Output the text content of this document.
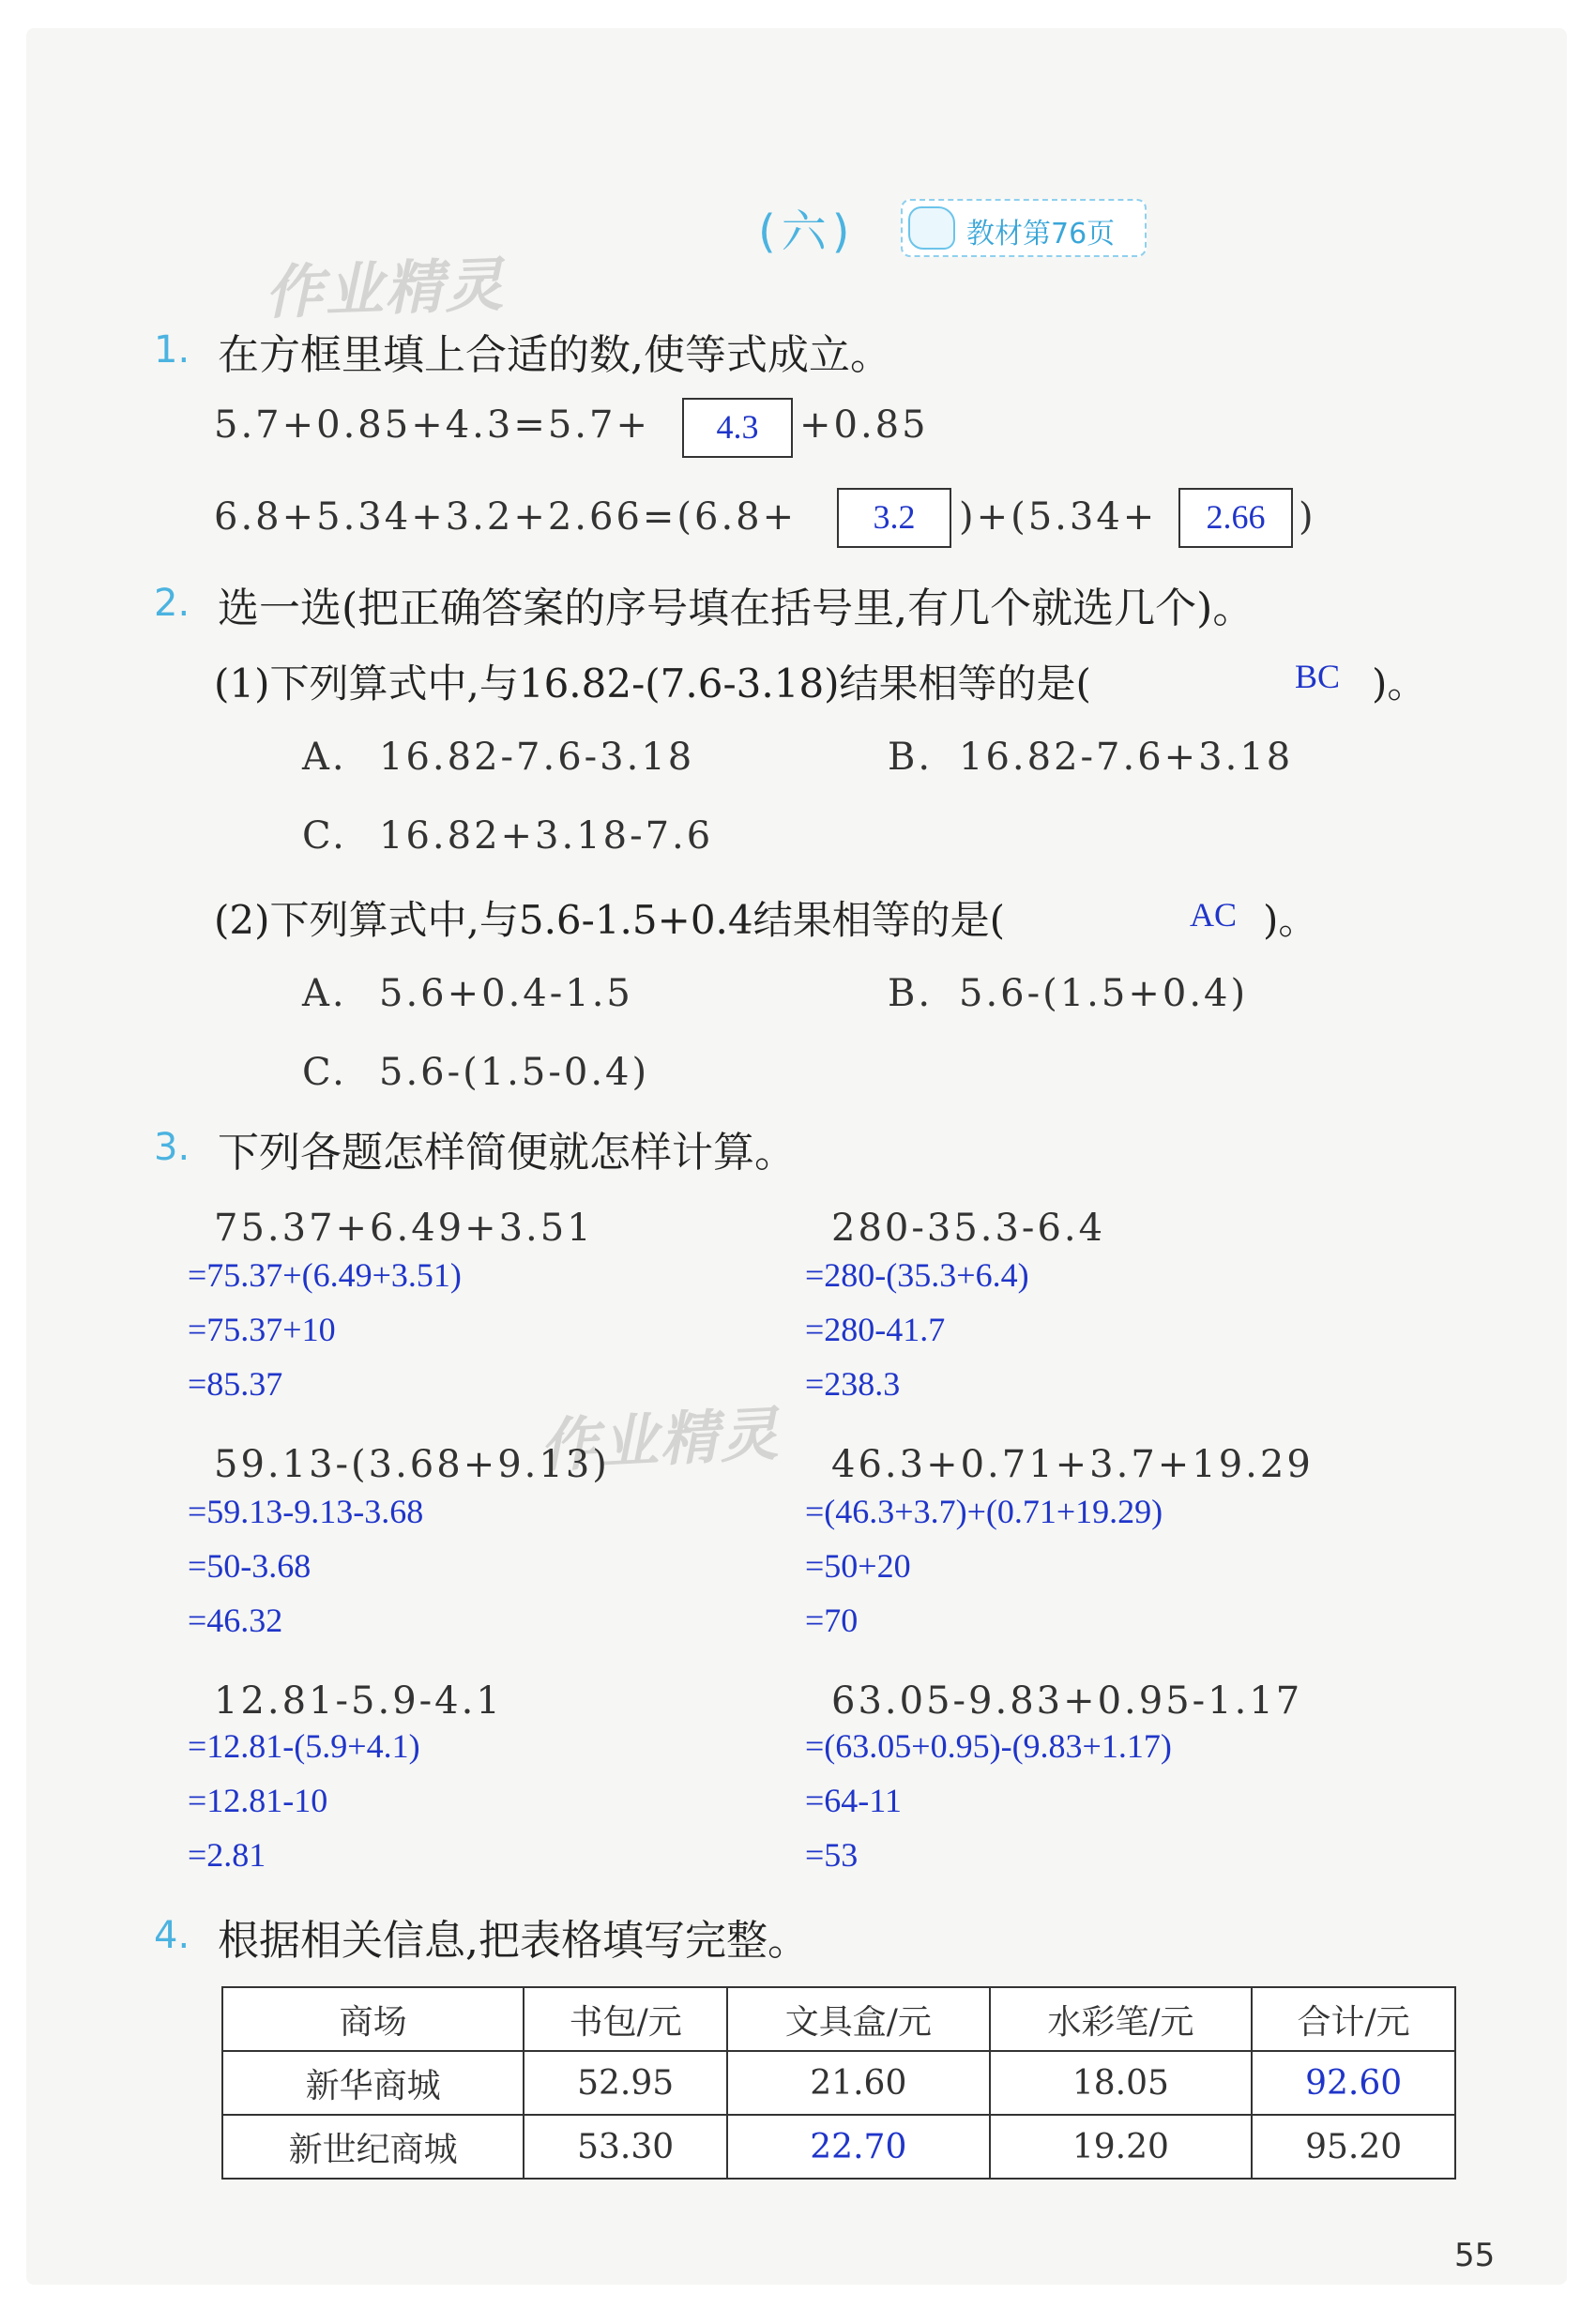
(六)	教材第76页
作业精灵
作业精灵
1. 在方框里填上合适的数,使等式成立。
5.7+0.85+4.3=5.7+	4.3	+0.85
6.8+5.34+3.2+2.66=(6.8+	3.2	)+(5.34+	2.66 )
2. 选一选(把正确答案的序号填在括号里,有几个就选几个)。
(1)下列算式中,与16.82-(7.6-3.18)结果相等的是(	BC )。
A. 16.82-7.6-3.18	B. 16.82-7.6+3.18
C. 16.82+3.18-7.6
(2)下列算式中,与5.6-1.5+0.4结果相等的是(	AC )。
A. 5.6+0.4-1.5	B. 5.6-(1.5+0.4)
C. 5.6-(1.5-0.4)
3. 下列各题怎样简便就怎样计算。
75.37+6.49+3.51
=75.37+(6.49+3.51)
=75.37+10
=85.37
280-35.3-6.4
=280-(35.3+6.4)
=280-41.7
=238.3
59.13-(3.68+9.13)
=59.13-9.13-3.68
=50-3.68
=46.32
46.3+0.71+3.7+19.29
=(46.3+3.7)+(0.71+19.29)
=50+20
=70
12.81-5.9-4.1
=12.81-(5.9+4.1)
=12.81-10
=2.81
63.05-9.83+0.95-1.17
=(63.05+0.95)-(9.83+1.17)
=64-11
=53
4. 根据相关信息,把表格填写完整。
商场	书包/元	文具盒/元	水彩笔/元	合计/元
新华商城	52.95	21.60	18.05	92.60
新世纪商城	53.30	22.70	19.20	95.20
55
